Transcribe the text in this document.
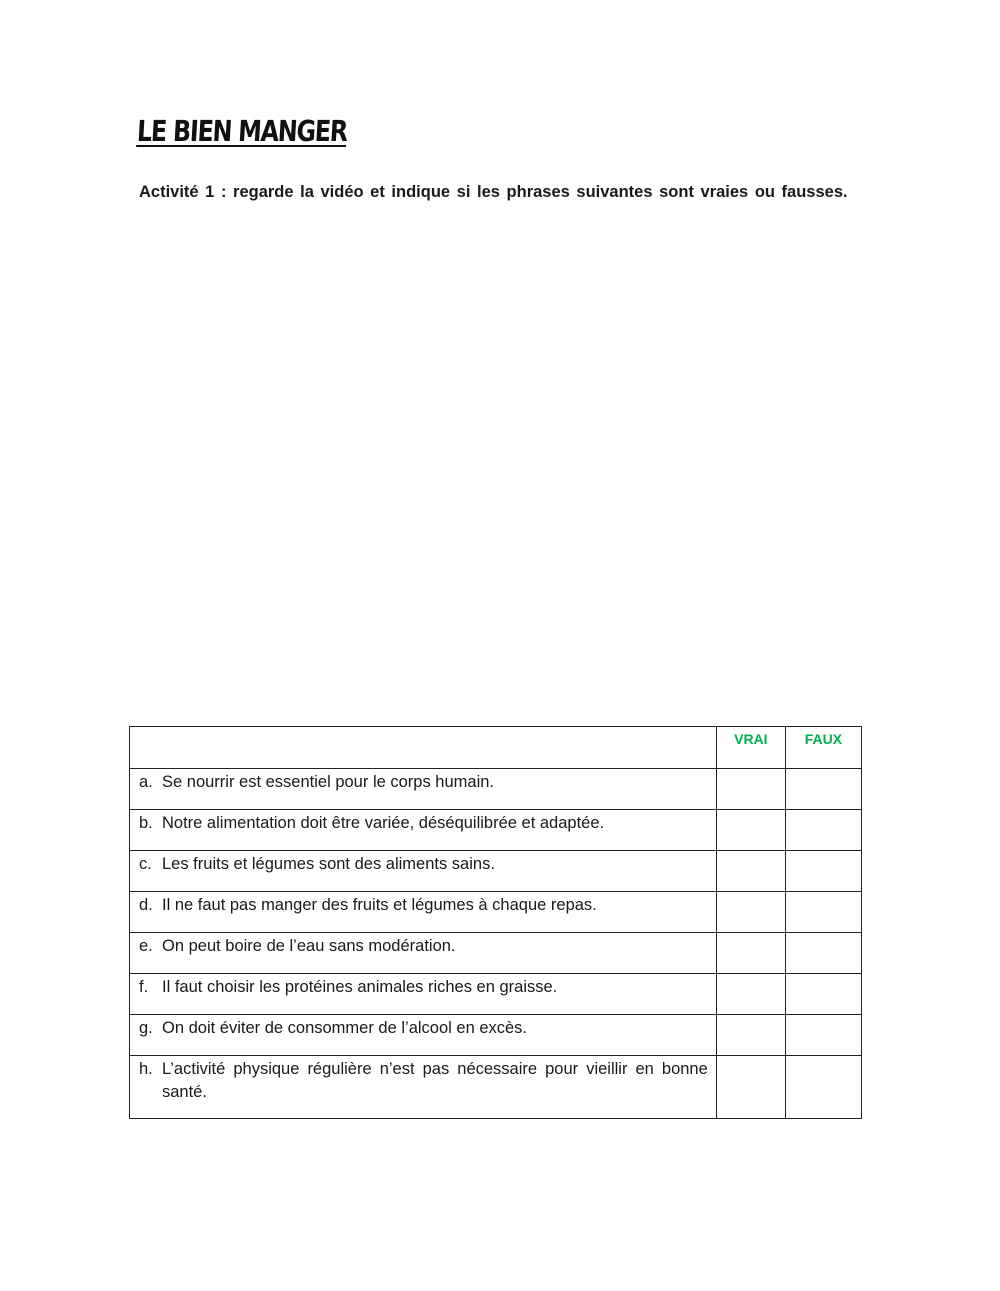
LE BIEN MANGER
Activité 1 : regarde la vidéo et indique si les phrases suivantes sont vraies ou fausses.

	VRAI	FAUX

a. Se nourrir est essentiel pour le corps humain.		

b. Notre alimentation doit être variée, déséquilibrée et adaptée.		

c. Les fruits et légumes sont des aliments sains.		

d. Il ne faut pas manger des fruits et légumes à chaque repas.		

e. On peut boire de l’eau sans modération.		

f. Il faut choisir les protéines animales riches en graisse.		

g. On doit éviter de consommer de l’alcool en excès.		

h. L’activité physique régulière n’est pas nécessaire pour vieillir en bonne santé.		
